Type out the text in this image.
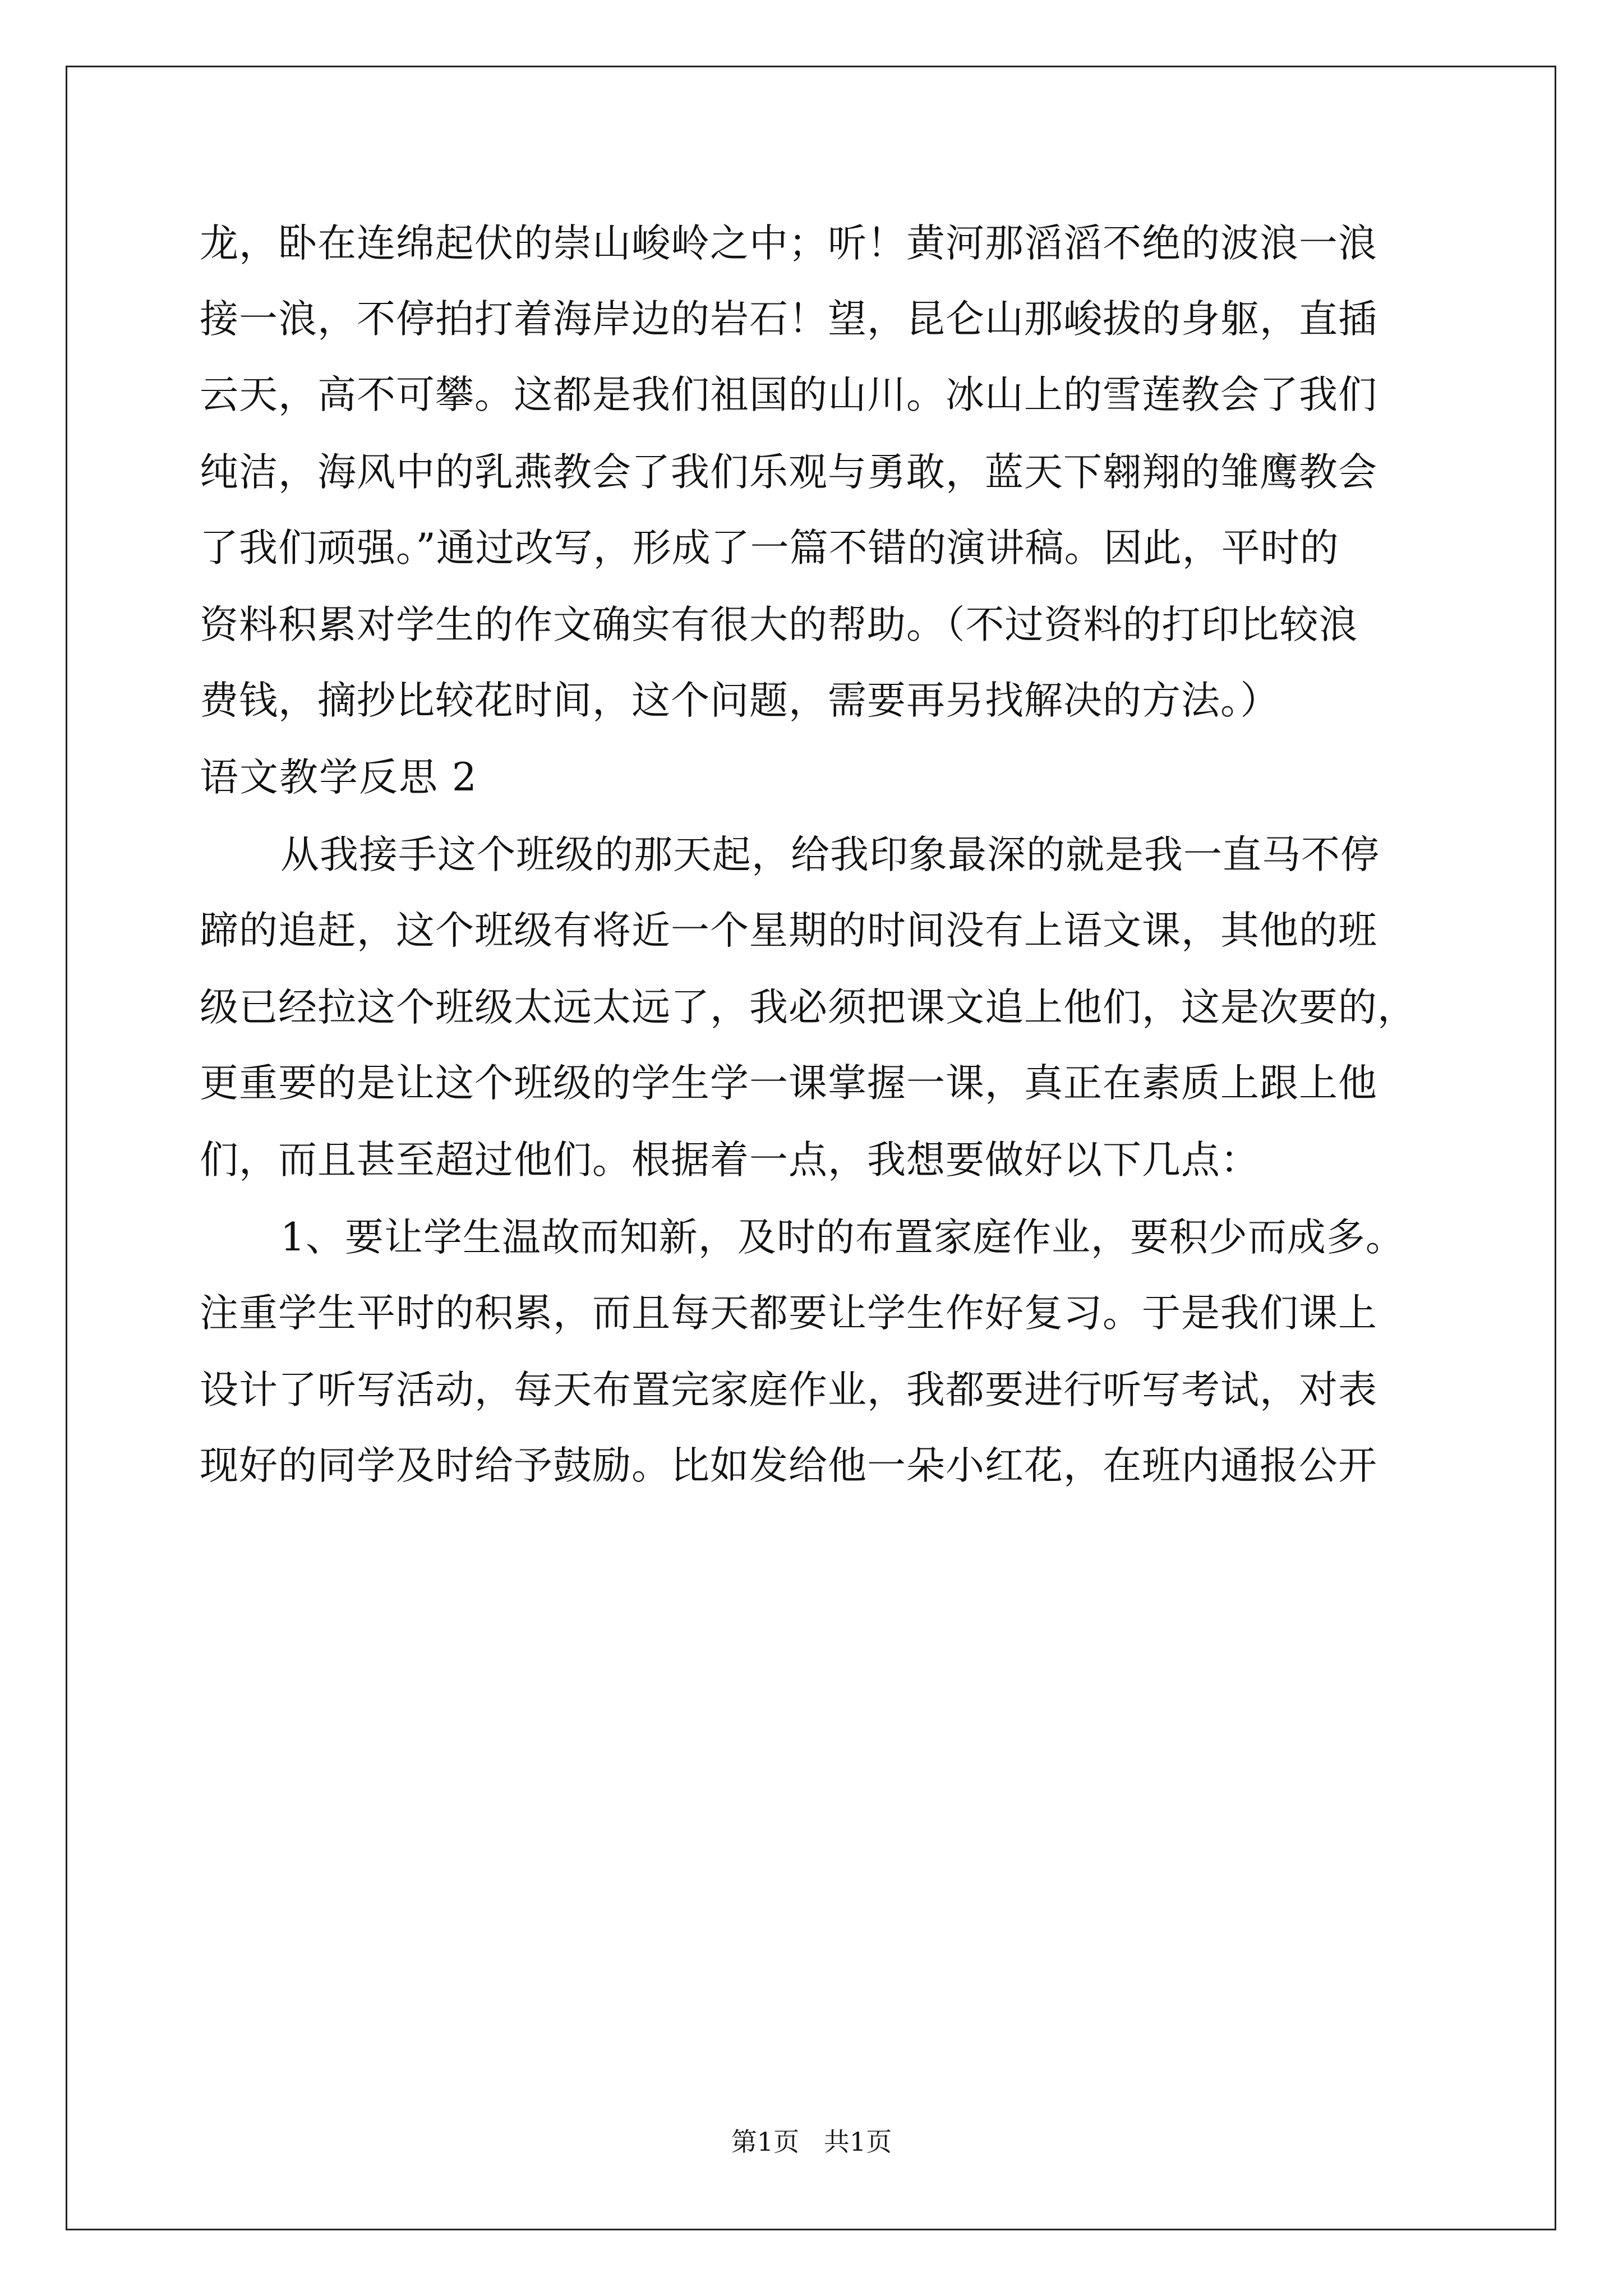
龙，卧在连绵起伏的崇山峻岭之中；听！黄河那滔滔不绝的波浪一浪
接一浪，不停拍打着海岸边的岩石！望，昆仑山那峻拔的身躯，直插
云天，高不可攀。这都是我们祖国的山川。冰山上的雪莲教会了我们
纯洁，海风中的乳燕教会了我们乐观与勇敢，蓝天下翱翔的雏鹰教会
了我们顽强。”通过改写，形成了一篇不错的演讲稿。因此，平时的
资料积累对学生的作文确实有很大的帮助。（不过资料的打印比较浪
费钱，摘抄比较花时间，这个问题，需要再另找解决的方法。）
语文教学反思 2
从我接手这个班级的那天起，给我印象最深的就是我一直马不停
蹄的追赶，这个班级有将近一个星期的时间没有上语文课，其他的班
级已经拉这个班级太远太远了，我必须把课文追上他们，这是次要的，
更重要的是让这个班级的学生学一课掌握一课，真正在素质上跟上他
们，而且甚至超过他们。根据着一点，我想要做好以下几点：
1、要让学生温故而知新，及时的布置家庭作业，要积少而成多。
注重学生平时的积累，而且每天都要让学生作好复习。于是我们课上
设计了听写活动，每天布置完家庭作业，我都要进行听写考试，对表
现好的同学及时给予鼓励。比如发给他一朵小红花，在班内通报公开
第1页   共1页
